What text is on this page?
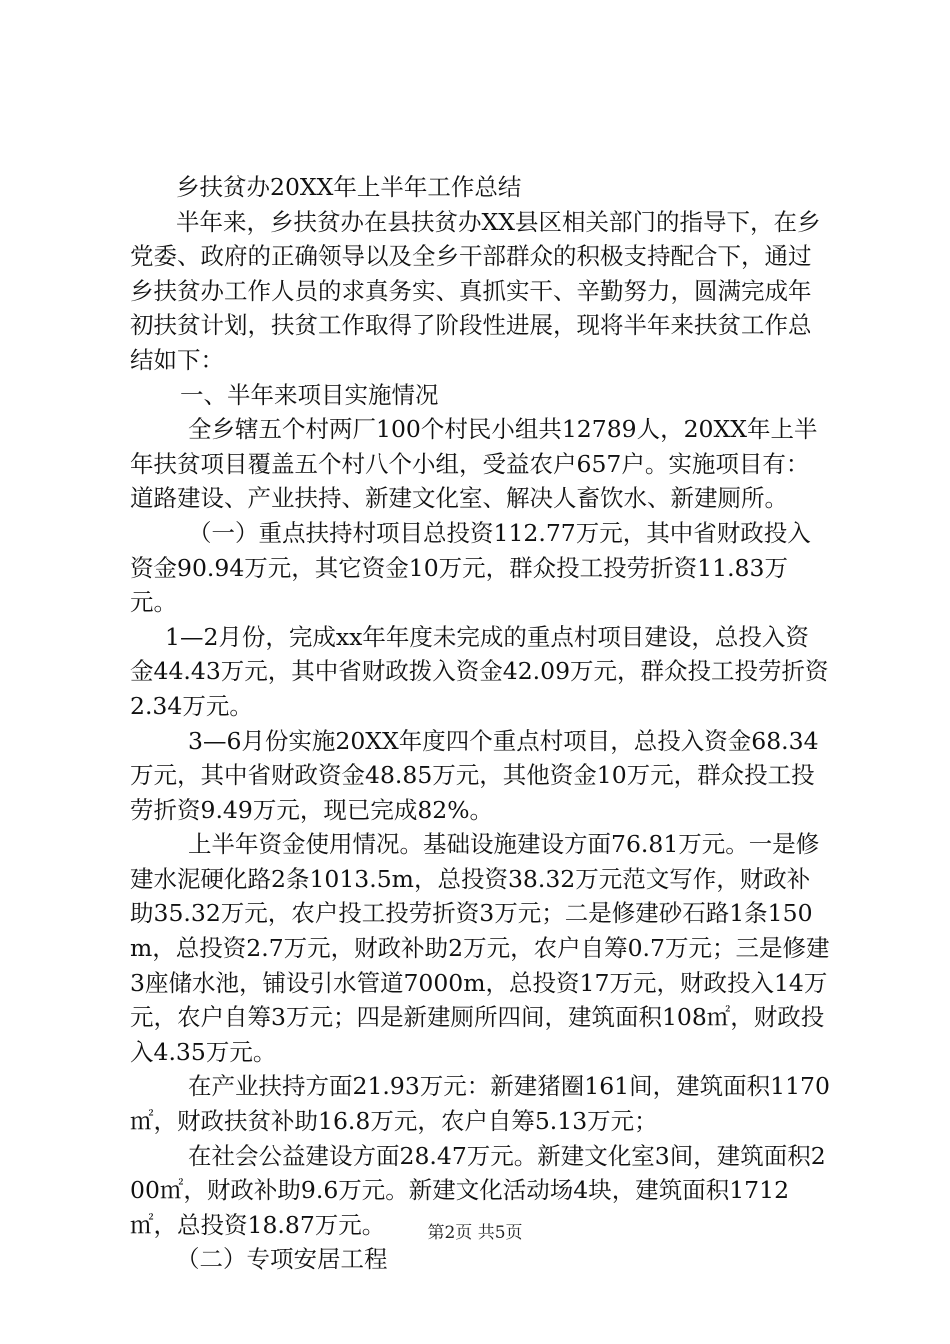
乡扶贫办20XX年上半年工作总结

半年来，乡扶贫办在县扶贫办XX县区相关部门的指导下，在乡党委、政府的正确领导以及全乡干部群众的积极支持配合下，通过乡扶贫办工作人员的求真务实、真抓实干、辛勤努力，圆满完成年初扶贫计划，扶贫工作取得了阶段性进展，现将半年来扶贫工作总结如下：

一、半年来项目实施情况

全乡辖五个村两厂100个村民小组共12789人，20XX年上半年扶贫项目覆盖五个村八个小组，受益农户657户。实施项目有：道路建设、产业扶持、新建文化室、解决人畜饮水、新建厕所。

（一）重点扶持村项目总投资112.77万元，其中省财政投入资金90.94万元，其它资金10万元，群众投工投劳折资11.83万元。

1—2月份，完成xx年年度未完成的重点村项目建设，总投入资金44.43万元，其中省财政拨入资金42.09万元，群众投工投劳折资2.34万元。

3—6月份实施20XX年度四个重点村项目，总投入资金68.34万元，其中省财政资金48.85万元，其他资金10万元，群众投工投劳折资9.49万元，现已完成82%。

上半年资金使用情况。基础设施建设方面76.81万元。一是修建水泥硬化路2条1013.5m，总投资38.32万元范文写作，财政补助35.32万元，农户投工投劳折资3万元；二是修建砂石路1条150m，总投资2.7万元，财政补助2万元，农户自筹0.7万元；三是修建3座储水池，铺设引水管道7000m，总投资17万元，财政投入14万元，农户自筹3万元；四是新建厕所四间，建筑面积108㎡，财政投入4.35万元。

在产业扶持方面21.93万元：新建猪圈161间，建筑面积1170㎡，财政扶贫补助16.8万元，农户自筹5.13万元；

在社会公益建设方面28.47万元。新建文化室3间，建筑面积200㎡，财政补助9.6万元。新建文化活动场4块，建筑面积1712㎡，总投资18.87万元。

（二）专项安居工程

第2页 共5页
